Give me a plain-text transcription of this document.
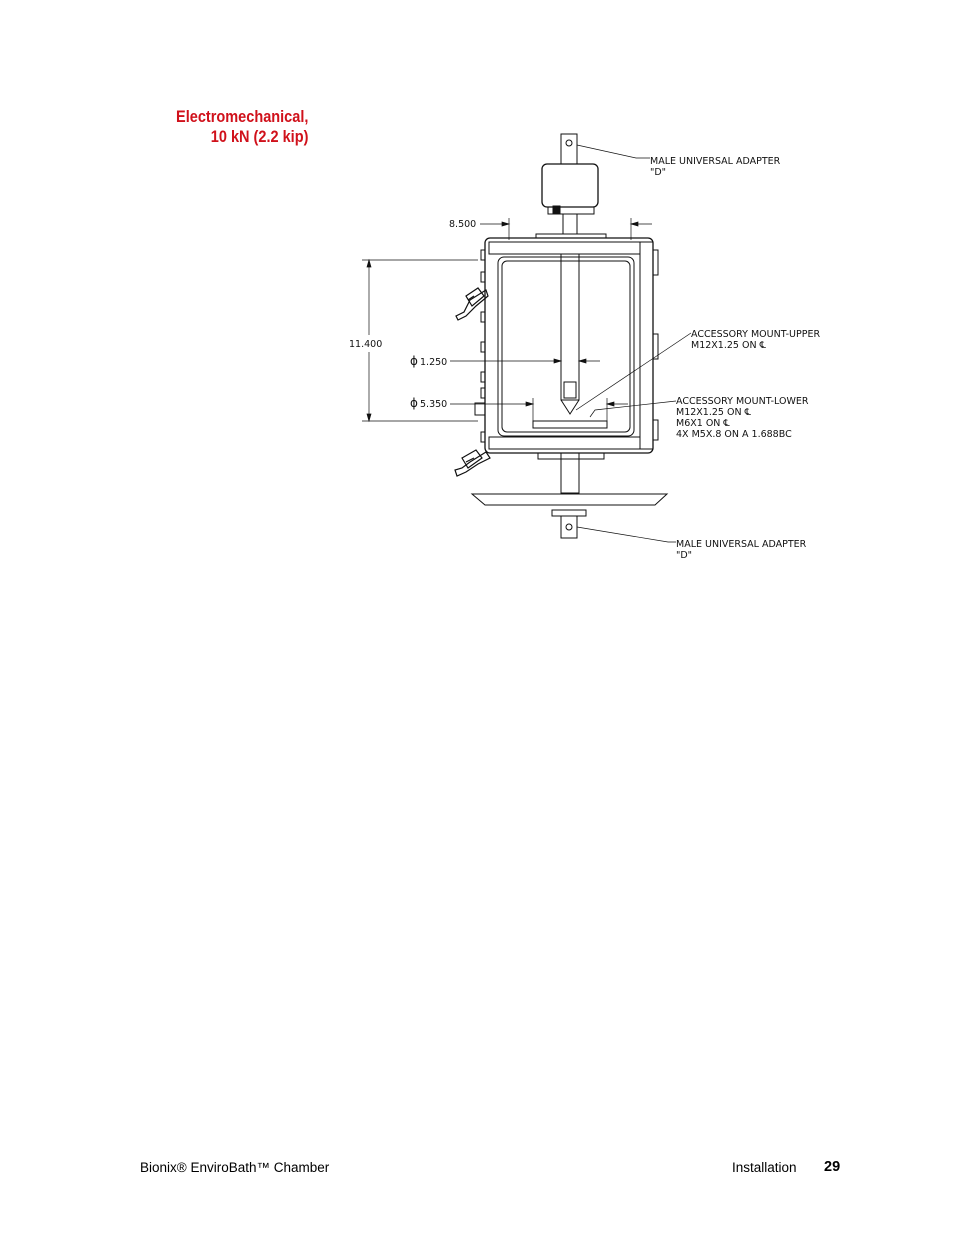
Electromechanical,
10 kN (2.2 kip)
8.500
11.400
ϕ 1.250
ϕ 5.350
MALE UNIVERSAL ADAPTER
"D"
ACCESSORY MOUNT-UPPER
M12X1.25 ON ℄
ACCESSORY MOUNT-LOWER
M12X1.25 ON ℄
M6X1 ON ℄
4X M5X.8 ON A 1.688BC
MALE UNIVERSAL ADAPTER
"D"
Bionix® EnviroBath™ Chamber	Installation 29
